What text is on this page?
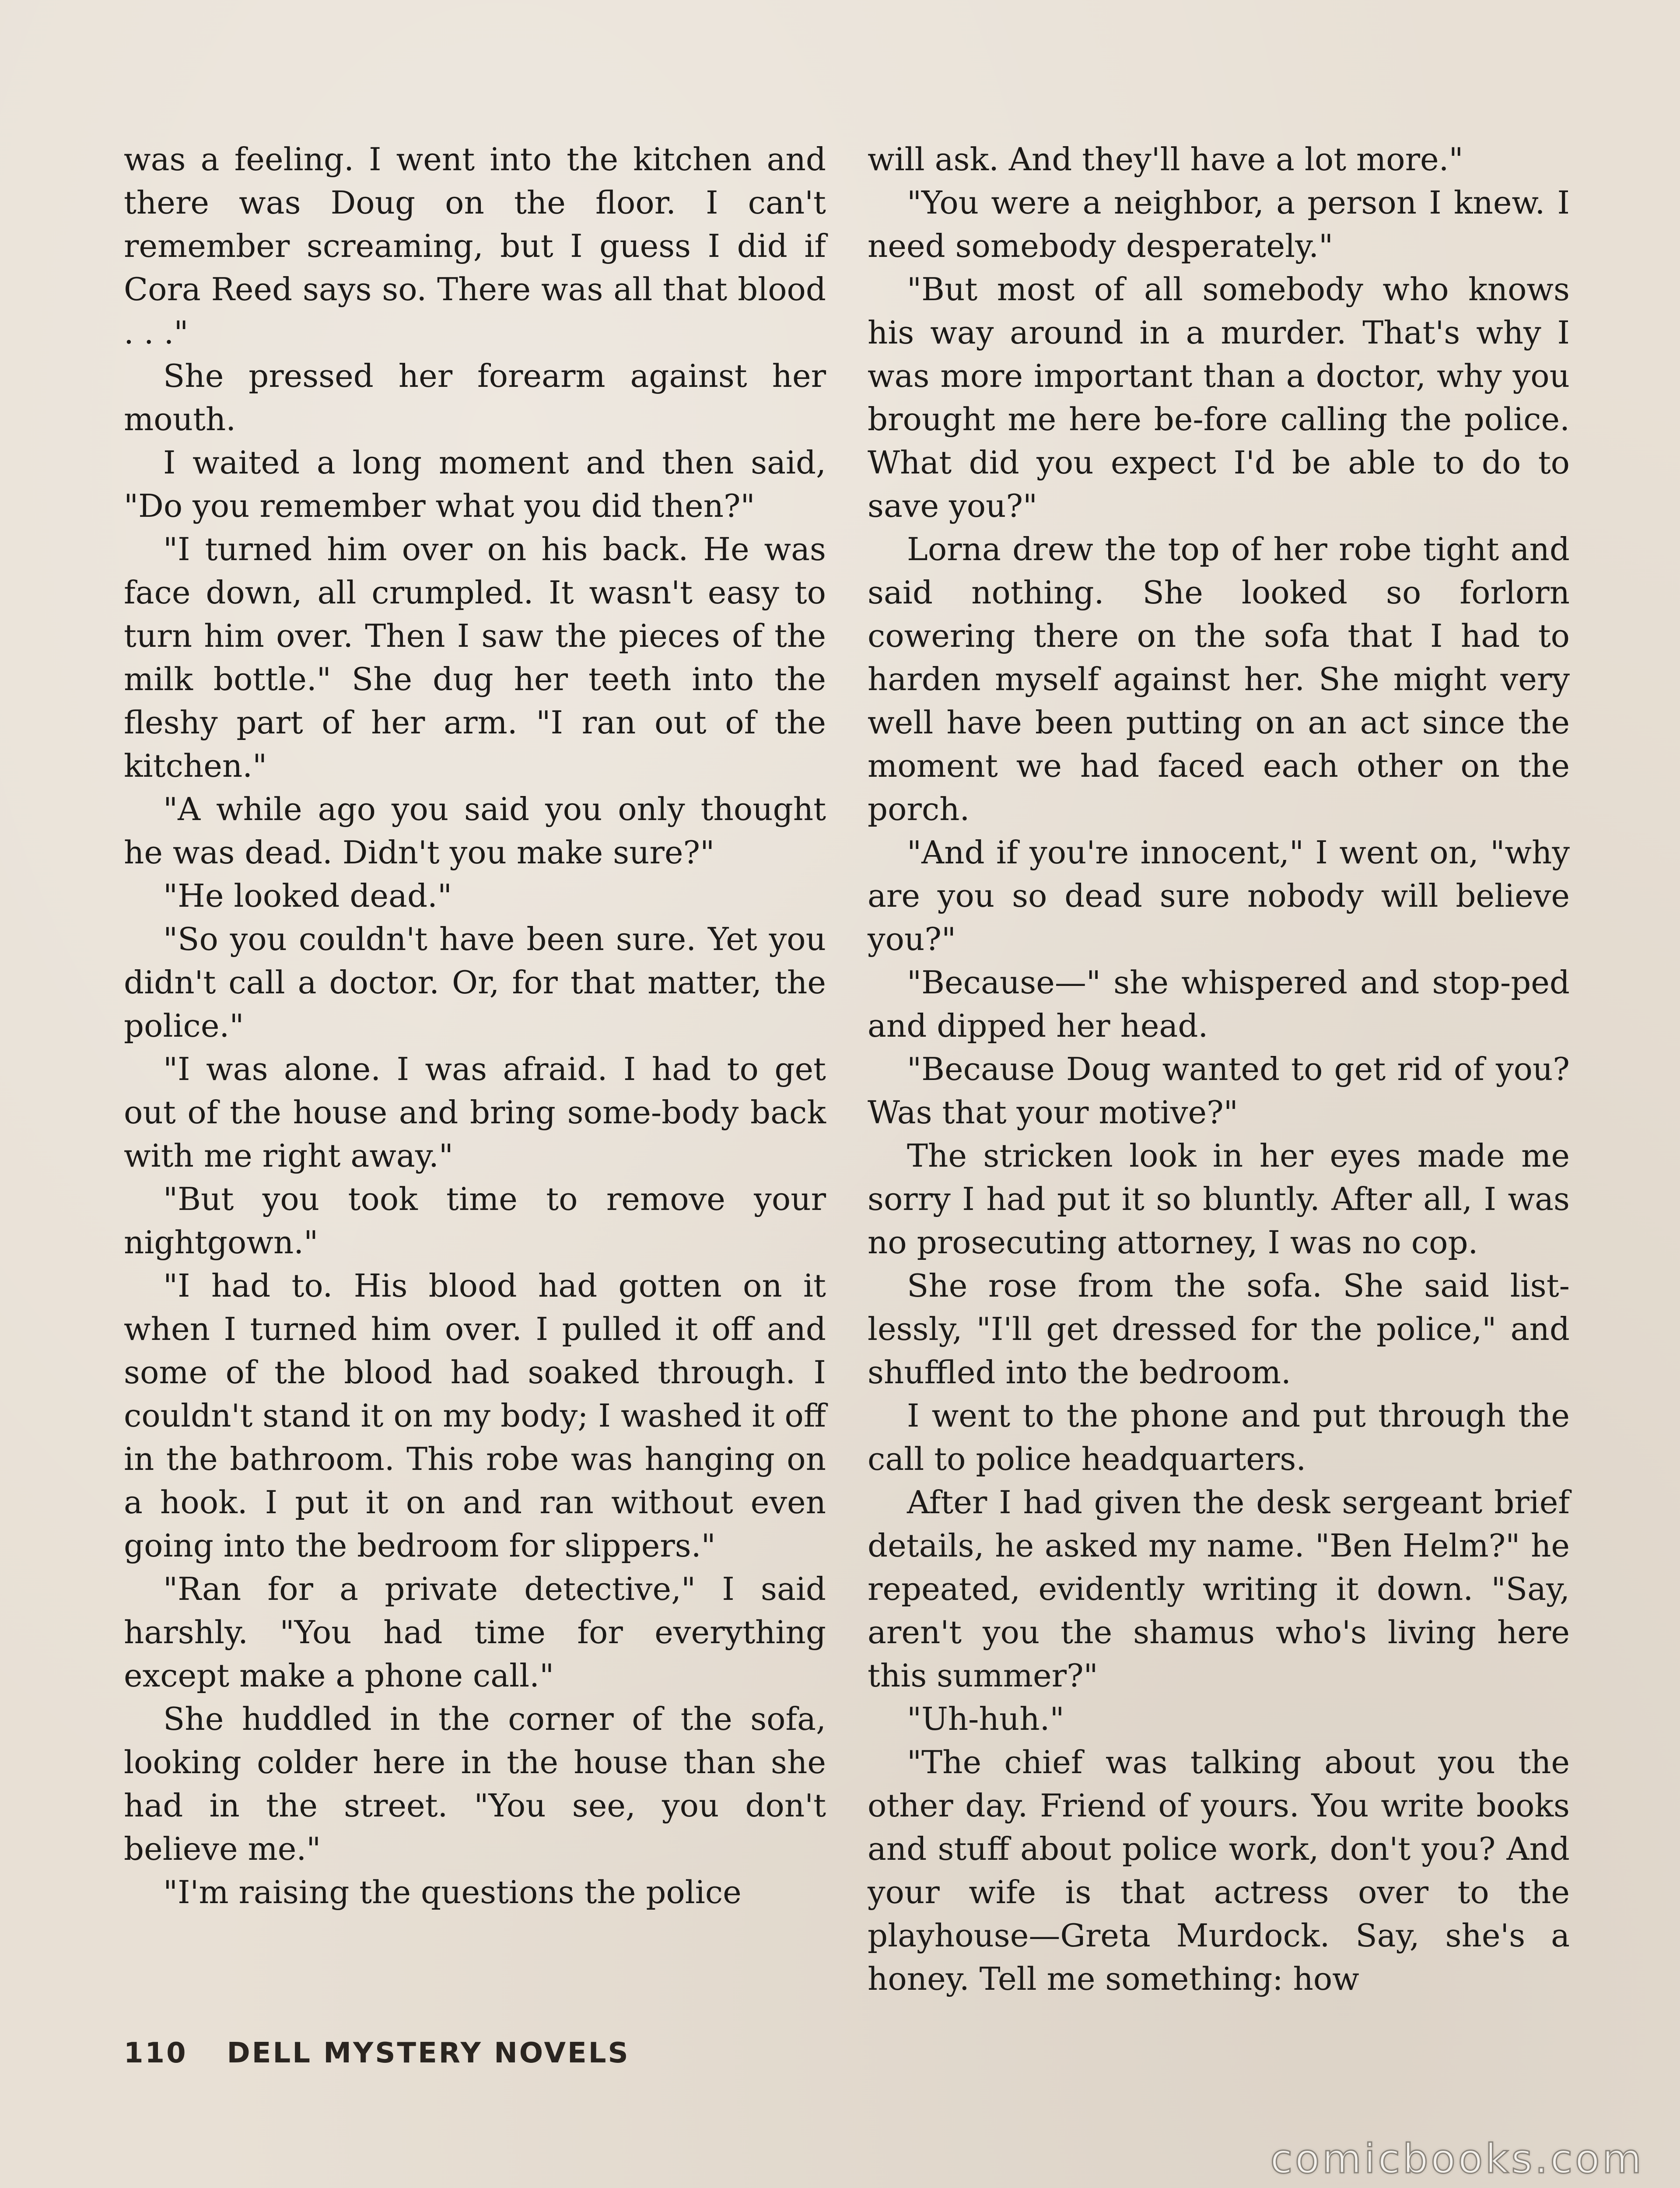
was a feeling. I went into the kitchen and there was Doug on the floor. I can't remember screaming, but I guess I did if Cora Reed says so. There was all that blood . . ."

She pressed her forearm against her mouth.

I waited a long moment and then said, "Do you remember what you did then?"

"I turned him over on his back. He was face down, all crumpled. It wasn't easy to turn him over. Then I saw the pieces of the milk bottle." She dug her teeth into the fleshy part of her arm. "I ran out of the kitchen."

"A while ago you said you only thought he was dead. Didn't you make sure?"

"He looked dead."

"So you couldn't have been sure. Yet you didn't call a doctor. Or, for that matter, the police."

"I was alone. I was afraid. I had to get out of the house and bring some-body back with me right away."

"But you took time to remove your nightgown."

"I had to. His blood had gotten on it when I turned him over. I pulled it off and some of the blood had soaked through. I couldn't stand it on my body; I washed it off in the bathroom. This robe was hanging on a hook. I put it on and ran without even going into the bedroom for slippers."

"Ran for a private detective," I said harshly. "You had time for everything except make a phone call."

She huddled in the corner of the sofa, looking colder here in the house than she had in the street. "You see, you don't believe me."

"I'm raising the questions the police

will ask. And they'll have a lot more."

"You were a neighbor, a person I knew. I need somebody desperately."

"But most of all somebody who knows his way around in a murder. That's why I was more important than a doctor, why you brought me here be-fore calling the police. What did you expect I'd be able to do to save you?"

Lorna drew the top of her robe tight and said nothing. She looked so forlorn cowering there on the sofa that I had to harden myself against her. She might very well have been putting on an act since the moment we had faced each other on the porch.

"And if you're innocent," I went on, "why are you so dead sure nobody will believe you?"

"Because—" she whispered and stop-ped and dipped her head.

"Because Doug wanted to get rid of you? Was that your motive?"

The stricken look in her eyes made me sorry I had put it so bluntly. After all, I was no prosecuting attorney, I was no cop.

She rose from the sofa. She said list-lessly, "I'll get dressed for the police," and shuffled into the bedroom.

I went to the phone and put through the call to police headquarters.

After I had given the desk sergeant brief details, he asked my name. "Ben Helm?" he repeated, evidently writing it down. "Say, aren't you the shamus who's living here this summer?"

"Uh-huh."

"The chief was talking about you the other day. Friend of yours. You write books and stuff about police work, don't you? And your wife is that actress over to the playhouse—Greta Murdock. Say, she's a honey. Tell me something: how

110 DELL MYSTERY NOVELS
comicbooks.com
